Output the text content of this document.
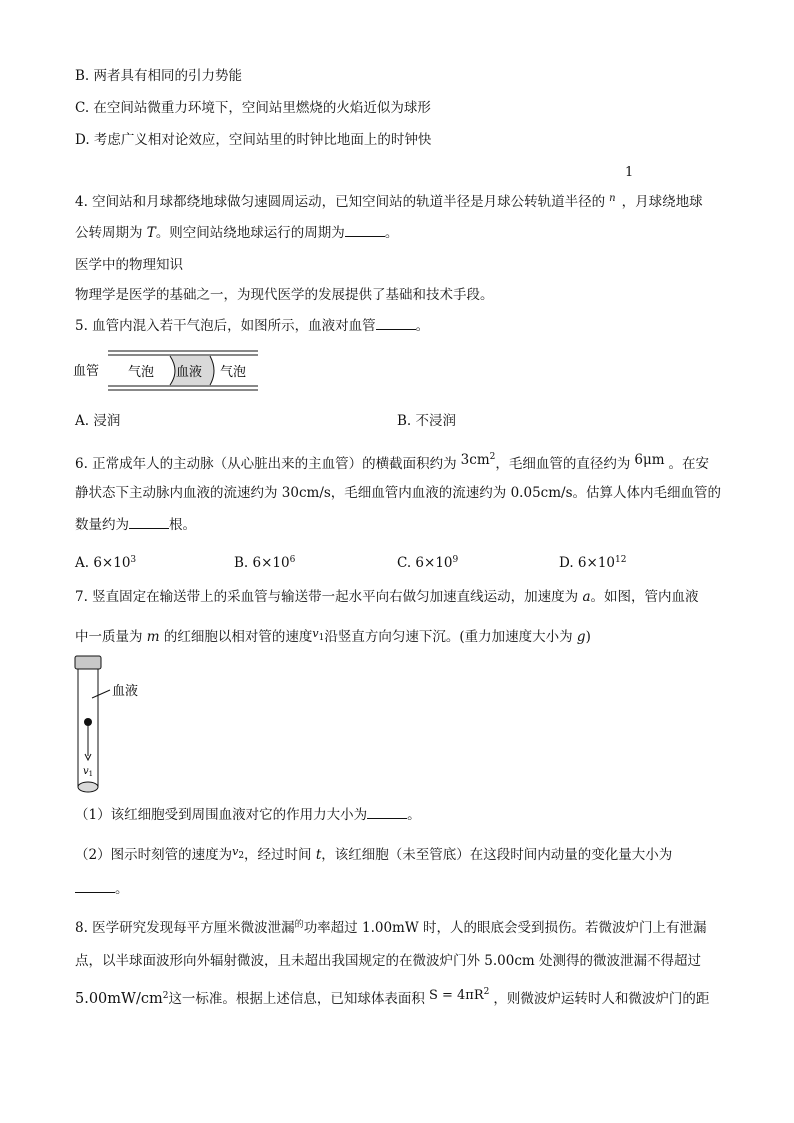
B. 两者具有相同的引力势能
C. 在空间站微重力环境下，空间站里燃烧的火焰近似为球形
D. 考虑广义相对论效应，空间站里的时钟比地面上的时钟快
1
4. 空间站和月球都绕地球做匀速圆周运动，已知空间站的轨道半径是月球公转轨道半径的 $^n$ ，月球绕地球
公转周期为 T。则空间站绕地球运行的周期为	。
医学中的物理知识
物理学是医学的基础之一，为现代医学的发展提供了基础和技术手段。
5. 血管内混入若干气泡后，如图所示，血液对血管	。
血管 气泡 血液 气泡
A. 浸润	B. 不浸润
6. 正常成年人的主动脉（从心脏出来的主血管）的横截面积约为 $3cm^2$，毛细血管的直径约为 6μm 。在安
静状态下主动脉内血液的流速约为 30cm/s，毛细血管内血液的流速约为 0.05cm/s。估算人体内毛细血管的
数量约为	根。
A. $6\times 10^3$	B. $6\times 10^6$	C. $6\times 10^9$	D. $6\times 10^{12}$
7. 竖直固定在输送带上的采血管与输送带一起水平向右做匀加速直线运动，加速度为 a。如图，管内血液
中一质量为 m 的红细胞以相对管的速度$^{v_1}$沿竖直方向匀速下沉。(重力加速度大小为 g)
血液
$v_1$
（1）该红细胞受到周围血液对它的作用力大小为	。
（2）图示时刻管的速度为$^{v_2}$，经过时间 t，该红细胞（未至管底）在这段时间内动量的变化量大小为
。
8. 医学研究发现每平方厘米微波泄漏$^的$功率超过 1.00mW 时，人的眼底会受到损伤。若微波炉门上有泄漏
点，以半球面波形向外辐射微波，且未超出我国规定的在微波炉门外 5.00cm 处测得的微波泄漏不得超过
$5.00mW/cm^2$这一标准。根据上述信息，已知球体表面积 $S = 4\pi R^2$ ，则微波炉运转时人和微波炉门的距
